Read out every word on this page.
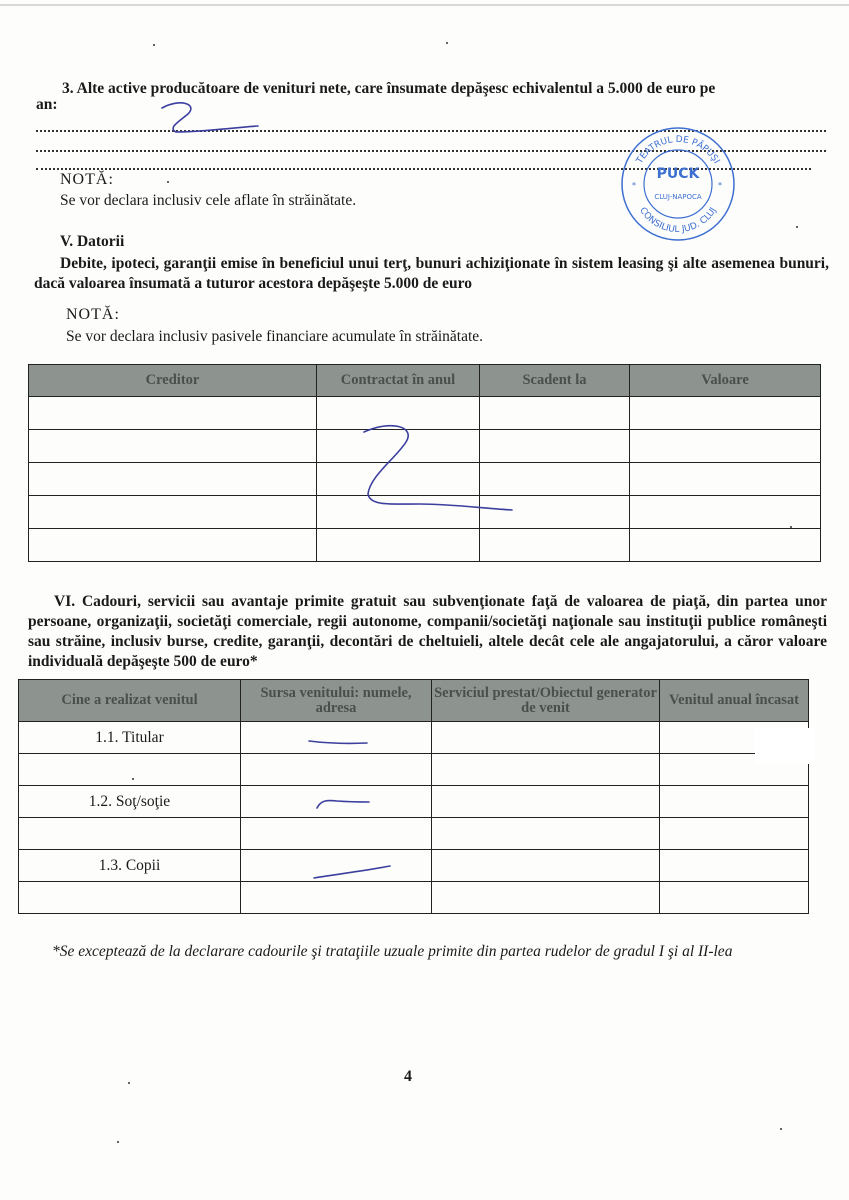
3. Alte active producătoare de venituri nete, care însumate depăşesc echivalentul a 5.000 de euro pe
an:
NOTĂ:
Se vor declara inclusiv cele aflate în străinătate.
TEATRUL DE PĂPUŞI
CONSILIUL JUD. CLUJ
PUCK
CLUJ-NAPOCA
*	*
V. Datorii
Debite, ipoteci, garanţii emise în beneficiul unui terţ, bunuri achiziţionate în sistem leasing şi alte asemenea bunuri, dacă valoarea însumată a tuturor acestora depăşeşte 5.000 de euro
NOTĂ:
Se vor declara inclusiv pasivele financiare acumulate în străinătate.
Creditor	Contractat în anul	Scadent la	Valoare

VI. Cadouri, servicii sau avantaje primite gratuit sau subvenţionate faţă de valoarea de piaţă, din partea unor persoane, organizaţii, societăţi comerciale, regii autonome, companii/societăţi naţionale sau instituţii publice româneşti sau străine, inclusiv burse, credite, garanţii, decontări de cheltuieli, altele decât cele ale angajatorului, a căror valoare individuală depăşeşte 500 de euro*
Cine a realizat venitul	Sursa venitului: numele, adresa	Serviciul prestat/Obiectul generator de venit	Venitul anual încasat
1.1. Titular			

1.2. Soţ/soţie			

1.3. Copii			

*Se exceptează de la declarare cadourile şi trataţiile uzuale primite din partea rudelor de gradul I şi al II-lea
4
